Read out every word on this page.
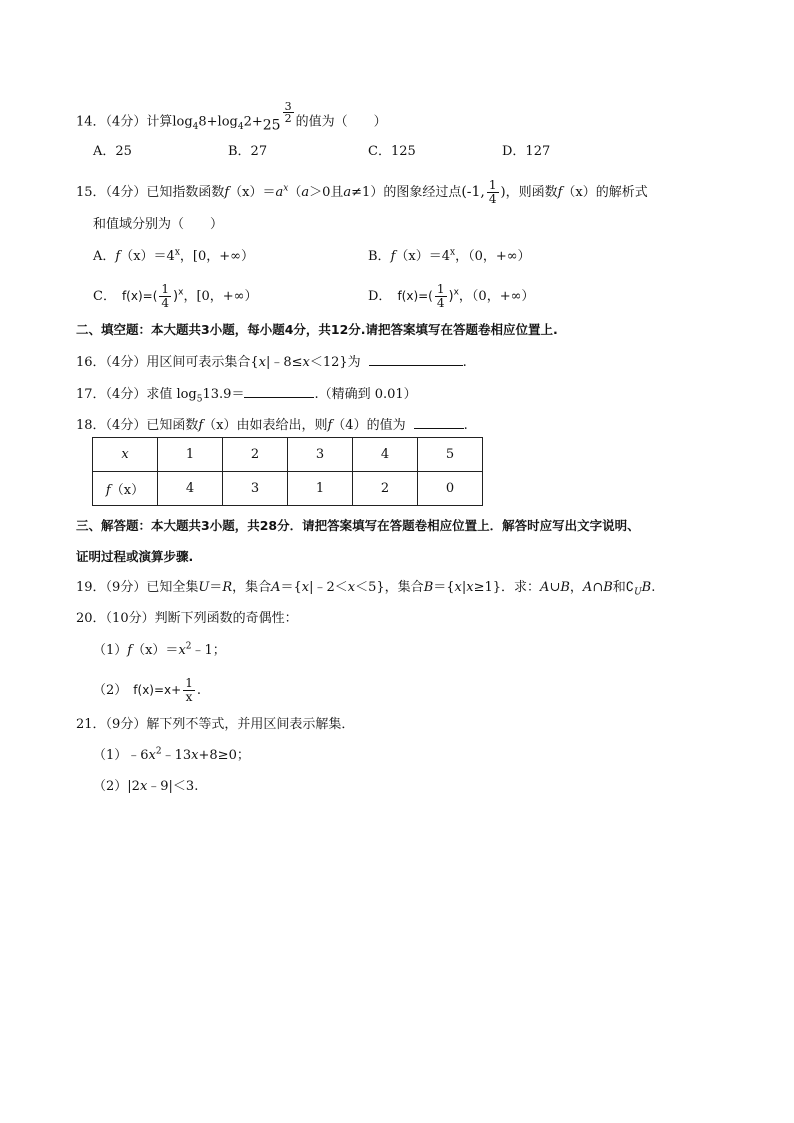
14．（4分）计算$\log_48+\log_42+25$
$\frac{3}{2}$ 的值为（　　）
A．25	B．27	C．125	D．127
15．（4分）已知指数函数$f(x)=a^x(a>0$且a≠1）的图象经过点(-1, $\frac{1}{4}$ )，则函数f（x）的解析式
和值域分别为（　　）
A．$f(x)=4^x$，[0，+∞）	B．$f(x)=4^x$，（0，+∞）
C． $f(x)=( \frac{1}{4} )^x$，[0，+∞）	D． $f(x)=( \frac{1}{4} )^x$，（0，+∞）
二、填空题：本大题共3小题，每小题4分，共12分.请把答案填写在答题卷相应位置上.
16．（4分）用区间可表示集合{x|﹣8≤x＜12}为	.
17．（4分）求值 $\log_513.9=$	.（精确到 0.01）
18．（4分）已知函数f（x）由如表给出，则f（4）的值为	.
x	1	2	3	4	5
f（x）	4	3	1	2	0
三、解答题：本大题共3小题，共28分．请把答案填写在答题卷相应位置上．解答时应写出文字说明、
证明过程或演算步骤.
19．（9分）已知全集U＝R，集合A＝{x|﹣2＜x＜5}，集合B＝{x|x≥1}．求：A∪B，A∩B和$∁_UB$.
20．（10分）判断下列函数的奇偶性：
$(1)f(x)=x^2﹣1$；
（2） $f(x)=x+ \frac{1}{x}$ .
21．（9分）解下列不等式，并用区间表示解集．
$(1)﹣6x^2﹣13x+8\ge 0$；
（2）|2x﹣9|＜3.
